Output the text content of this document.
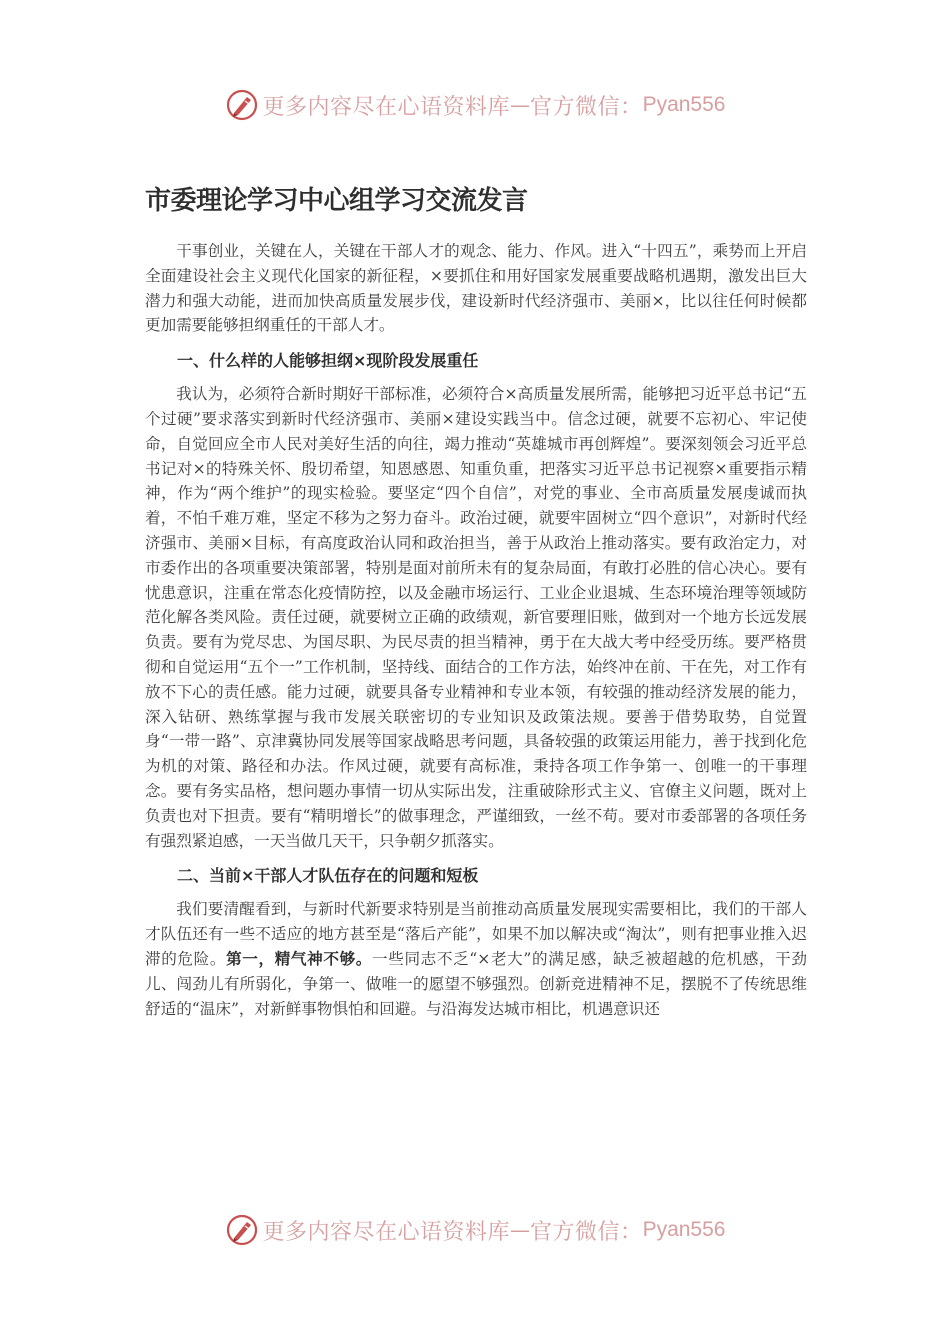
更多内容尽在心语资料库 — 官方微信： Pyan556
市委理论学习中心组学习交流发言

干事创业，关键在人，关键在干部人才的观念、能力、作风。进入“十四五”，乘势而上开启全面建设社会主义现代化国家的新征程，×要抓住和用好国家发展重要战略机遇期，激发出巨大潜力和强大动能，进而加快高质量发展步伐，建设新时代经济强市、美丽×，比以往任何时候都更加需要能够担纲重任的干部人才。

一、什么样的人能够担纲×现阶段发展重任

我认为，必须符合新时期好干部标准，必须符合×高质量发展所需，能够把习近平总书记“五个过硬”要求落实到新时代经济强市、美丽×建设实践当中。信念过硬，就要不忘初心、牢记使命，自觉回应全市人民对美好生活的向往，竭力推动“英雄城市再创辉煌”。要深刻领会习近平总书记对×的特殊关怀、殷切希望，知恩感恩、知重负重，把落实习近平总书记视察×重要指示精神，作为“两个维护”的现实检验。要坚定“四个自信”，对党的事业、全市高质量发展虔诚而执着，不怕千难万难，坚定不移为之努力奋斗。政治过硬，就要牢固树立“四个意识”，对新时代经济强市、美丽×目标，有高度政治认同和政治担当，善于从政治上推动落实。要有政治定力，对市委作出的各项重要决策部署，特别是面对前所未有的复杂局面，有敢打必胜的信心决心。要有忧患意识，注重在常态化疫情防控，以及金融市场运行、工业企业退城、生态环境治理等领域防范化解各类风险。责任过硬，就要树立正确的政绩观，新官要理旧账，做到对一个地方长远发展负责。要有为党尽忠、为国尽职、为民尽责的担当精神，勇于在大战大考中经受历练。要严格贯彻和自觉运用“五个一”工作机制，坚持线、面结合的工作方法，始终冲在前、干在先，对工作有放不下心的责任感。能力过硬，就要具备专业精神和专业本领，有较强的推动经济发展的能力，深入钻研、熟练掌握与我市发展关联密切的专业知识及政策法规。要善于借势取势，自觉置身“一带一路”、京津冀协同发展等国家战略思考问题，具备较强的政策运用能力，善于找到化危为机的对策、路径和办法。作风过硬，就要有高标准，秉持各项工作争第一、创唯一的干事理念。要有务实品格，想问题办事情一切从实际出发，注重破除形式主义、官僚主义问题，既对上负责也对下担责。要有“精明增长”的做事理念，严谨细致，一丝不苟。要对市委部署的各项任务有强烈紧迫感，一天当做几天干，只争朝夕抓落实。

二、当前×干部人才队伍存在的问题和短板

我们要清醒看到，与新时代新要求特别是当前推动高质量发展现实需要相比，我们的干部人才队伍还有一些不适应的地方甚至是“落后产能”，如果不加以解决或“淘汰”，则有把事业推入迟滞的危险。第一，精气神不够。一些同志不乏“×老大”的满足感，缺乏被超越的危机感，干劲儿、闯劲儿有所弱化，争第一、做唯一的愿望不够强烈。创新竞进精神不足，摆脱不了传统思维舒适的“温床”，对新鲜事物惧怕和回避。与沿海发达城市相比，机遇意识还

更多内容尽在心语资料库 — 官方微信： Pyan556
